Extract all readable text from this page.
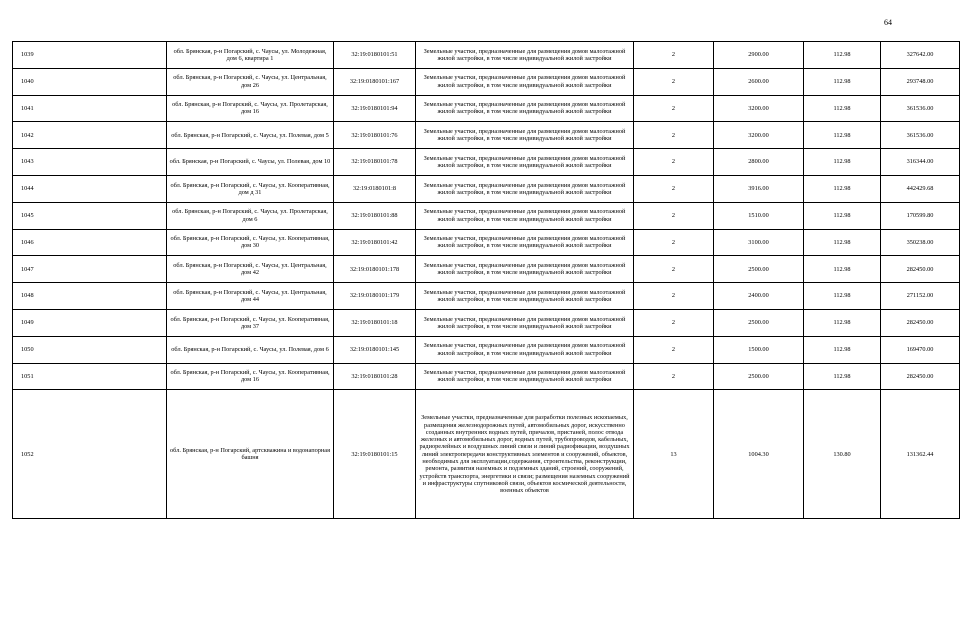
64
1039	обл. Брянская, р-н Погарский, с. Чаусы, ул. Молодежная, дом 6, квартира 1	32:19:0180101:51	Земельные участки, предназначенные для размещения домов малоэтажной жилой застройки, в том числе индивидуальной жилой застройки	2	2900.00	112.98	327642.00
1040	обл. Брянская, р-н Погарский, с. Чаусы, ул. Центральная, дом 26	32:19:0180101:167	Земельные участки, предназначенные для размещения домов малоэтажной жилой застройки, в том числе индивидуальной жилой застройки	2	2600.00	112.98	293748.00
1041	обл. Брянская, р-н Погарский, с. Чаусы, ул. Пролетарская, дом 16	32:19:0180101:94	Земельные участки, предназначенные для размещения домов малоэтажной жилой застройки, в том числе индивидуальной жилой застройки	2	3200.00	112.98	361536.00
1042	обл. Брянская, р-н Погарский, с. Чаусы, ул. Полевая, дом 5	32:19:0180101:76	Земельные участки, предназначенные для размещения домов малоэтажной жилой застройки, в том числе индивидуальной жилой застройки	2	3200.00	112.98	361536.00
1043	обл. Брянская, р-н Погарский, с. Чаусы, ул. Полевая, дом 10	32:19:0180101:78	Земельные участки, предназначенные для размещения домов малоэтажной жилой застройки, в том числе индивидуальной жилой застройки	2	2800.00	112.98	316344.00
1044	обл. Брянская, р-н Погарский, с. Чаусы, ул. Кооперативная, дом д 31	32:19:0180101:8	Земельные участки, предназначенные для размещения домов малоэтажной жилой застройки, в том числе индивидуальной жилой застройки	2	3916.00	112.98	442429.68
1045	обл. Брянская, р-н Погарский, с. Чаусы, ул. Пролетарская, дом 6	32:19:0180101:88	Земельные участки, предназначенные для размещения домов малоэтажной жилой застройки, в том числе индивидуальной жилой застройки	2	1510.00	112.98	170599.80
1046	обл. Брянская, р-н Погарский, с. Чаусы, ул. Кооперативная, дом 30	32:19:0180101:42	Земельные участки, предназначенные для размещения домов малоэтажной жилой застройки, в том числе индивидуальной жилой застройки	2	3100.00	112.98	350238.00
1047	обл. Брянская, р-н Погарский, с. Чаусы, ул. Центральная, дом 42	32:19:0180101:178	Земельные участки, предназначенные для размещения домов малоэтажной жилой застройки, в том числе индивидуальной жилой застройки	2	2500.00	112.98	282450.00
1048	обл. Брянская, р-н Погарский, с. Чаусы, ул. Центральная, дом 44	32:19:0180101:179	Земельные участки, предназначенные для размещения домов малоэтажной жилой застройки, в том числе индивидуальной жилой застройки	2	2400.00	112.98	271152.00
1049	обл. Брянская, р-н Погарский, с. Чаусы, ул. Кооперативная, дом 37	32:19:0180101:18	Земельные участки, предназначенные для размещения домов малоэтажной жилой застройки, в том числе индивидуальной жилой застройки	2	2500.00	112.98	282450.00
1050	обл. Брянская, р-н Погарский, с. Чаусы, ул. Полевая, дом 6	32:19:0180101:145	Земельные участки, предназначенные для размещения домов малоэтажной жилой застройки, в том числе индивидуальной жилой застройки	2	1500.00	112.98	169470.00
1051	обл. Брянская, р-н Погарский, с. Чаусы, ул. Кооперативная, дом 16	32:19:0180101:28	Земельные участки, предназначенные для размещения домов малоэтажной жилой застройки, в том числе индивидуальной жилой застройки	2	2500.00	112.98	282450.00
1052	обл. Брянская, р-н Погарский, артскважина и водонапорная башня	32:19:0180101:15	Земельные участки, предназначенные для разработки полезных ископаемых, размещения железнодорожных путей, автомобильных дорог, искусственно созданных внутренних водных путей, причалов, пристаней, полос отвода железных и автомобильных дорог, водных путей, трубопроводов, кабельных, радиорелейных и воздушных линий связи и линий радиофикации, воздушных линий электропередачи конструктивных элементов и сооружений, объектов, необходимых для эксплуатации,содержания, строительства, реконструкции, ремонта, развития наземных и подземных зданий, строений, сооружений, устройств транспорта, энергетики и связи; размещения наземных сооружений и инфраструктуры спутниковой связи, объектов космической деятельности, военных объектов	13	1004.30	130.80	131362.44
